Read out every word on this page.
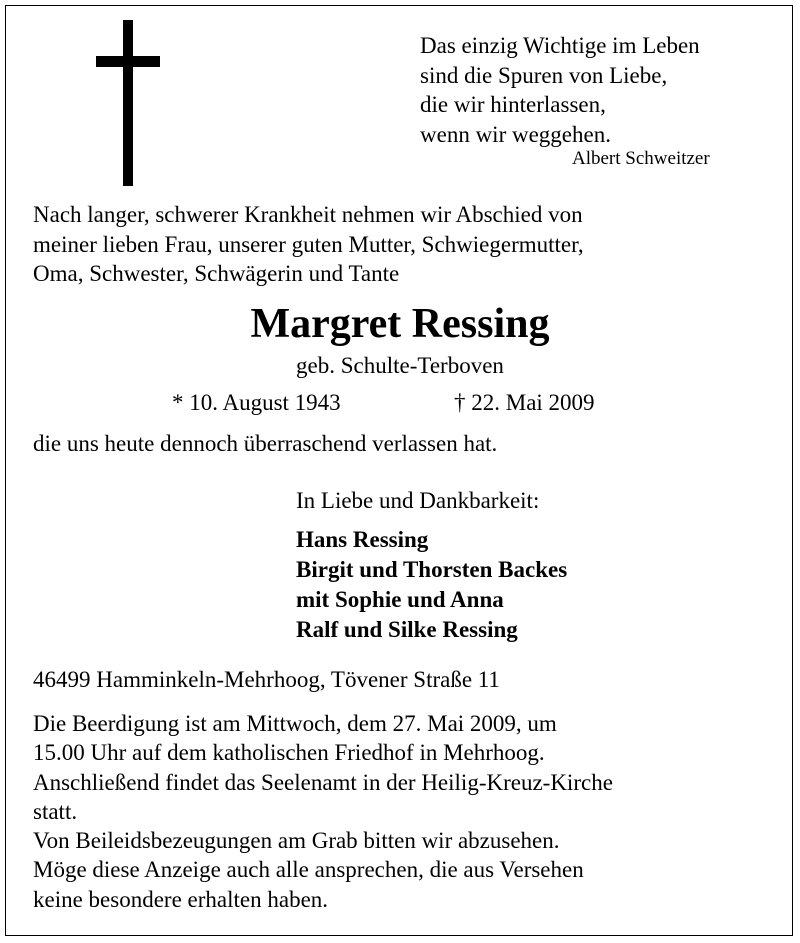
Das einzig Wichtige im Leben
sind die Spuren von Liebe,
die wir hinterlassen,
wenn wir weggehen.
Albert Schweitzer
Nach langer, schwerer Krankheit nehmen wir Abschied von
meiner lieben Frau, unserer guten Mutter, Schwiegermutter,
Oma, Schwester, Schwägerin und Tante
Margret Ressing
geb. Schulte-Terboven
* 10. August 1943	† 22. Mai 2009
die uns heute dennoch überraschend verlassen hat.
In Liebe und Dankbarkeit:
Hans Ressing
Birgit und Thorsten Backes
mit Sophie und Anna
Ralf und Silke Ressing
46499 Hamminkeln-Mehrhoog, Tövener Straße 11
Die Beerdigung ist am Mittwoch, dem 27. Mai 2009, um
15.00 Uhr auf dem katholischen Friedhof in Mehrhoog.
Anschließend findet das Seelenamt in der Heilig-Kreuz-Kirche
statt.
Von Beileidsbezeugungen am Grab bitten wir abzusehen.
Möge diese Anzeige auch alle ansprechen, die aus Versehen
keine besondere erhalten haben.
